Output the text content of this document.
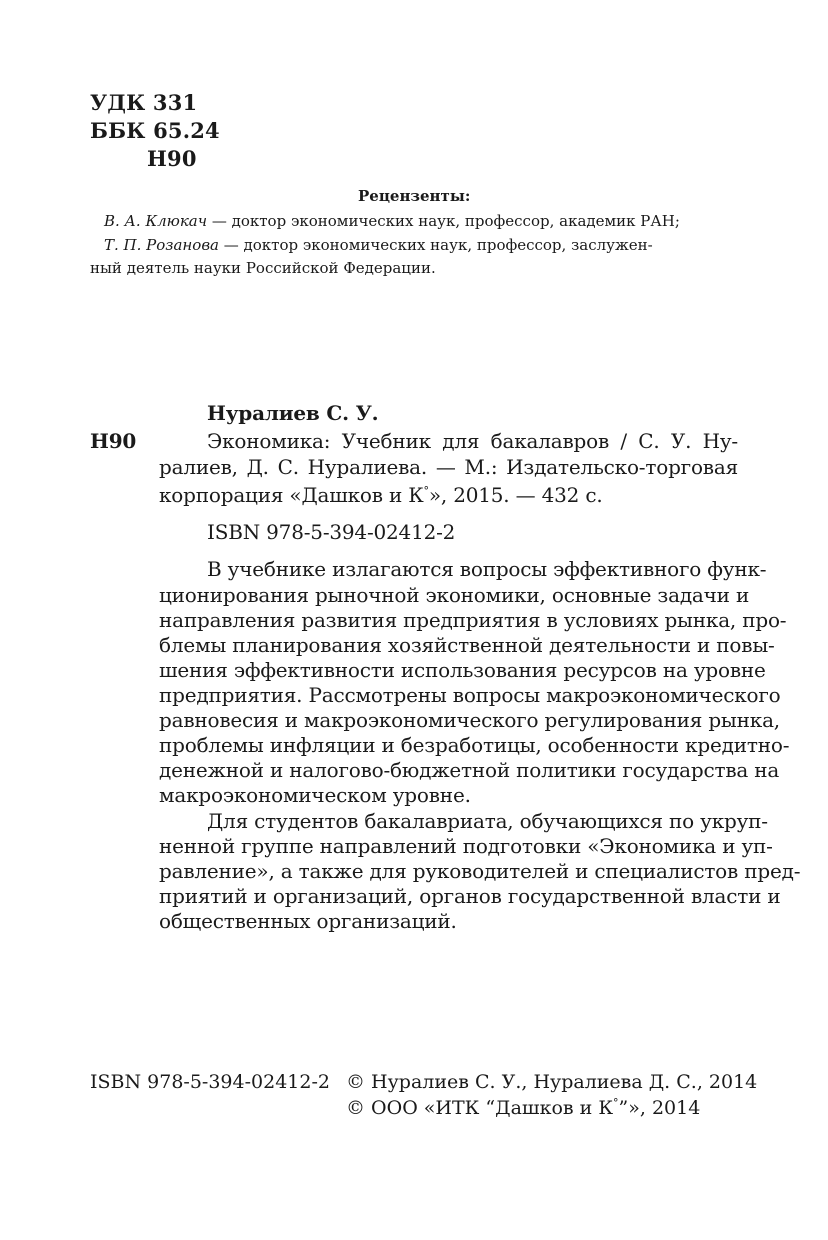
УДК 331
ББК 65.24
Н90
Рецензенты:
В. А. Клюкач — доктор экономических наук, профессор, академик РАН;
Т. П. Розанова — доктор экономических наук, профессор, заслужен-
ный деятель науки Российской Федерации.
Нуралиев С. У.
Н90	Экономика: Учебник для бакалавров / С. У. Ну-
ралиев, Д. С. Нуралиева. — М.: Издательско-торговая
корпорация «Дашков и К°», 2015. — 432 с.
ISBN 978-5-394-02412-2
В учебнике излагаются вопросы эффективного функ-
ционирования рыночной экономики, основные задачи и
направления развития предприятия в условиях рынка, про-
блемы планирования хозяйственной деятельности и повы-
шения эффективности использования ресурсов на уровне
предприятия. Рассмотрены вопросы макроэкономического
равновесия и макроэкономического регулирования рынка,
проблемы инфляции и безработицы, особенности кредитно-
денежной и налогово-бюджетной политики государства на
макроэкономическом уровне.
Для студентов бакалавриата, обучающихся по укруп-
ненной группе направлений подготовки «Экономика и уп-
равление», а также для руководителей и специалистов пред-
приятий и организаций, органов государственной власти и
общественных организаций.
ISBN 978-5-394-02412-2 © Нуралиев С. У., Нуралиева Д. С., 2014
© ООО «ИТК “Дашков и К°”», 2014
